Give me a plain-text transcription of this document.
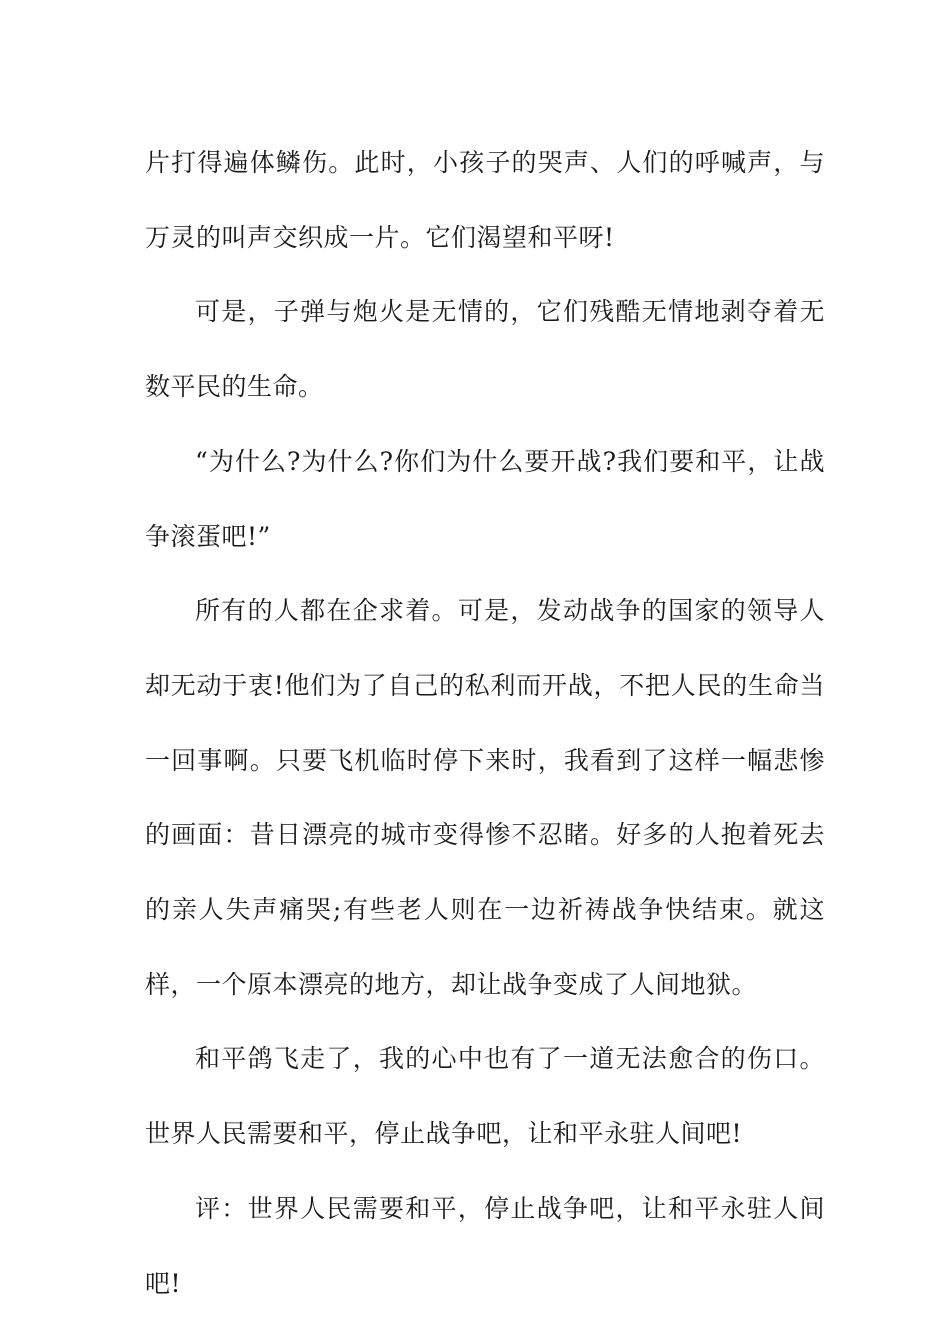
片打得遍体鳞伤。此时，小孩子的哭声、人们的呼喊声，与万灵的叫声交织成一片。它们渴望和平呀!

可是，子弹与炮火是无情的，它们残酷无情地剥夺着无数平民的生命。

“为什么?为什么?你们为什么要开战?我们要和平，让战争滚蛋吧!”

所有的人都在企求着。可是，发动战争的国家的领导人却无动于衷!他们为了自己的私利而开战，不把人民的生命当一回事啊。只要飞机临时停下来时，我看到了这样一幅悲惨的画面：昔日漂亮的城市变得惨不忍睹。好多的人抱着死去的亲人失声痛哭;有些老人则在一边祈祷战争快结束。就这样，一个原本漂亮的地方，却让战争变成了人间地狱。

和平鸽飞走了，我的心中也有了一道无法愈合的伤口。世界人民需要和平，停止战争吧，让和平永驻人间吧!

评：世界人民需要和平，停止战争吧，让和平永驻人间吧!
